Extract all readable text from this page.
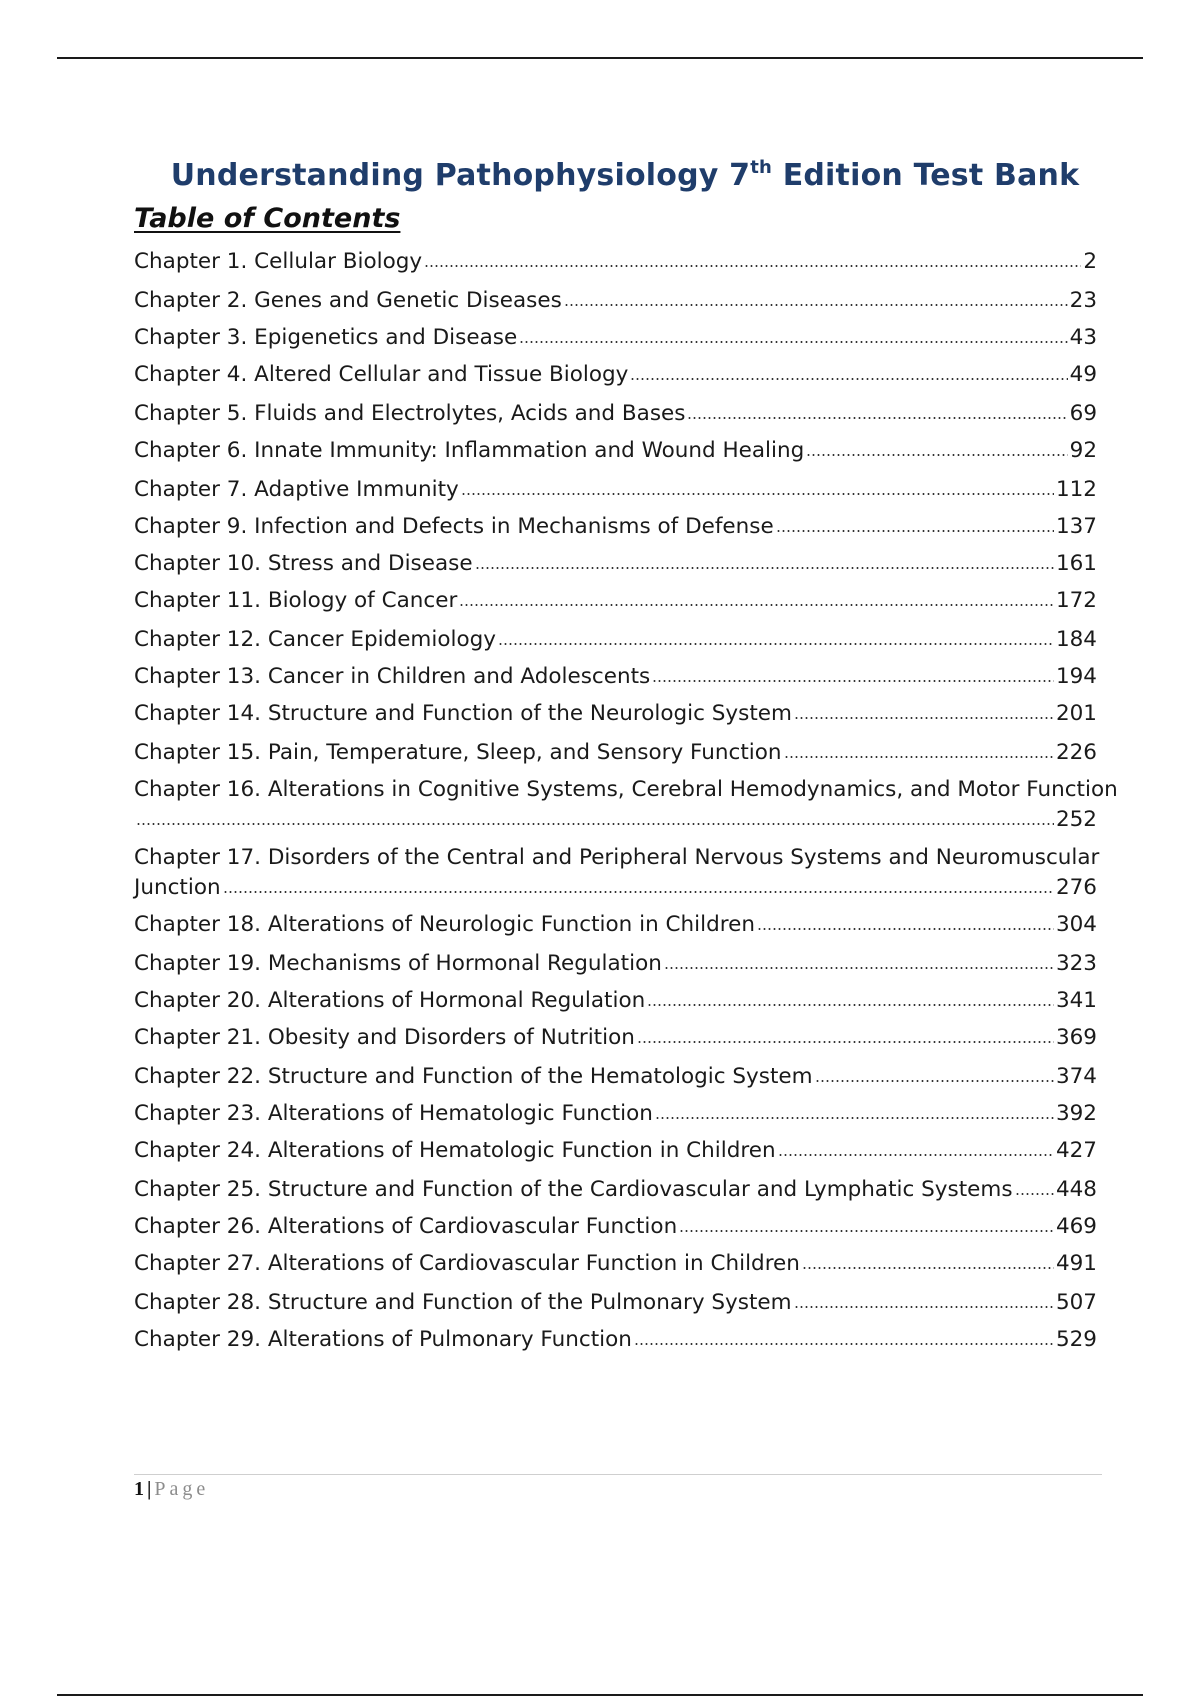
Understanding Pathophysiology 7th Edition Test Bank
Table of Contents
Chapter 1. Cellular Biology	2
Chapter 2. Genes and Genetic Diseases	23
Chapter 3. Epigenetics and Disease	43
Chapter 4. Altered Cellular and Tissue Biology	49
Chapter 5. Fluids and Electrolytes, Acids and Bases	69
Chapter 6. Innate Immunity: Inflammation and Wound Healing	92
Chapter 7. Adaptive Immunity	112
Chapter 9. Infection and Defects in Mechanisms of Defense	137
Chapter 10. Stress and Disease	161
Chapter 11. Biology of Cancer	172
Chapter 12. Cancer Epidemiology	184
Chapter 13. Cancer in Children and Adolescents	194
Chapter 14. Structure and Function of the Neurologic System	201
Chapter 15. Pain, Temperature, Sleep, and Sensory Function	226
Chapter 16. Alterations in Cognitive Systems, Cerebral Hemodynamics, and Motor Function
252
Chapter 17. Disorders of the Central and Peripheral Nervous Systems and Neuromuscular
Junction	276
Chapter 18. Alterations of Neurologic Function in Children	304
Chapter 19. Mechanisms of Hormonal Regulation	323
Chapter 20. Alterations of Hormonal Regulation	341
Chapter 21. Obesity and Disorders of Nutrition	369
Chapter 22. Structure and Function of the Hematologic System	374
Chapter 23. Alterations of Hematologic Function	392
Chapter 24. Alterations of Hematologic Function in Children	427
Chapter 25. Structure and Function of the Cardiovascular and Lymphatic Systems 448
Chapter 26. Alterations of Cardiovascular Function	469
Chapter 27. Alterations of Cardiovascular Function in Children	491
Chapter 28. Structure and Function of the Pulmonary System	507
Chapter 29. Alterations of Pulmonary Function	529
1 | Page
